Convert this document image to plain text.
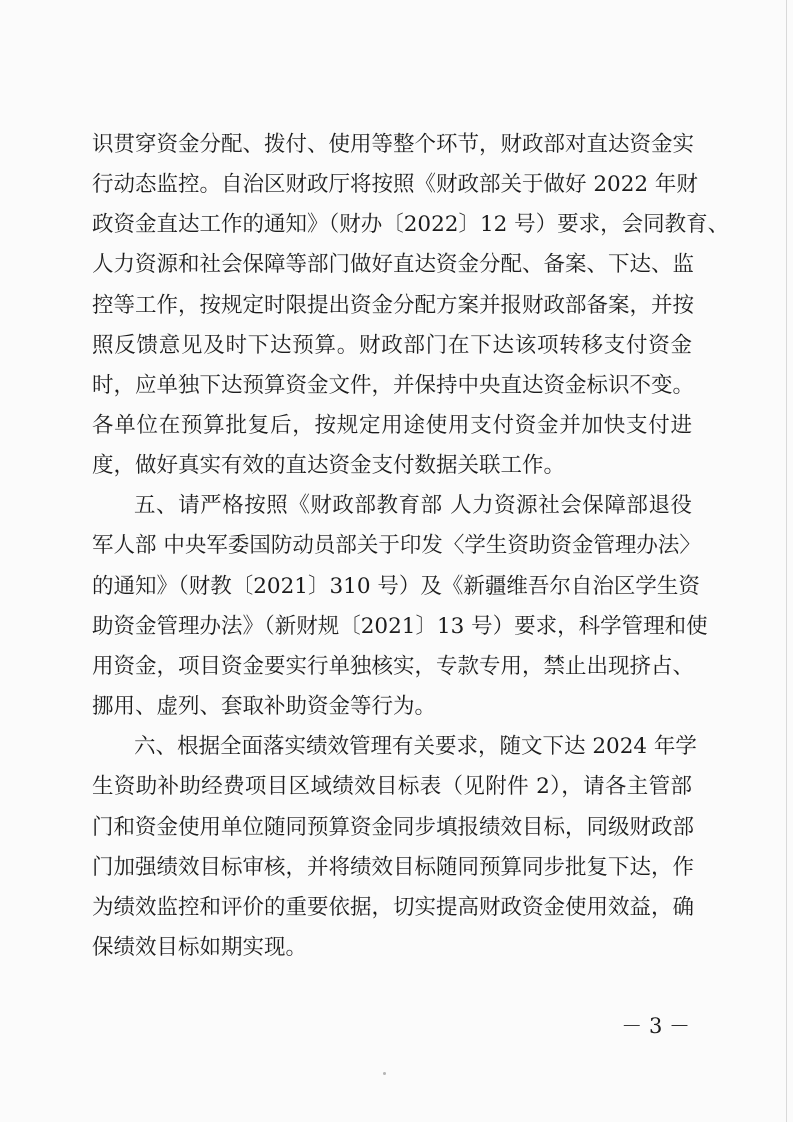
识贯穿资金分配、拨付、使用等整个环节，财政部对直达资金实
行动态监控。自治区财政厅将按照《财政部关于做好 2022 年财
政资金直达工作的通知》（财办〔2022〕12 号）要求，会同教育、
人力资源和社会保障等部门做好直达资金分配、备案、下达、监
控等工作，按规定时限提出资金分配方案并报财政部备案，并按
照反馈意见及时下达预算。财政部门在下达该项转移支付资金
时，应单独下达预算资金文件，并保持中央直达资金标识不变。
各单位在预算批复后，按规定用途使用支付资金并加快支付进
度，做好真实有效的直达资金支付数据关联工作。
五、请严格按照《财政部教育部 人力资源社会保障部退役
军人部 中央军委国防动员部关于印发〈学生资助资金管理办法〉
的通知》（财教〔2021〕310 号）及《新疆维吾尔自治区学生资
助资金管理办法》（新财规〔2021〕13 号）要求，科学管理和使
用资金，项目资金要实行单独核实，专款专用，禁止出现挤占、
挪用、虚列、套取补助资金等行为。
六、根据全面落实绩效管理有关要求，随文下达 2024 年学
生资助补助经费项目区域绩效目标表（见附件 2），请各主管部
门和资金使用单位随同预算资金同步填报绩效目标，同级财政部
门加强绩效目标审核，并将绩效目标随同预算同步批复下达，作
为绩效监控和评价的重要依据，切实提高财政资金使用效益，确
保绩效目标如期实现。
－ 3 －
